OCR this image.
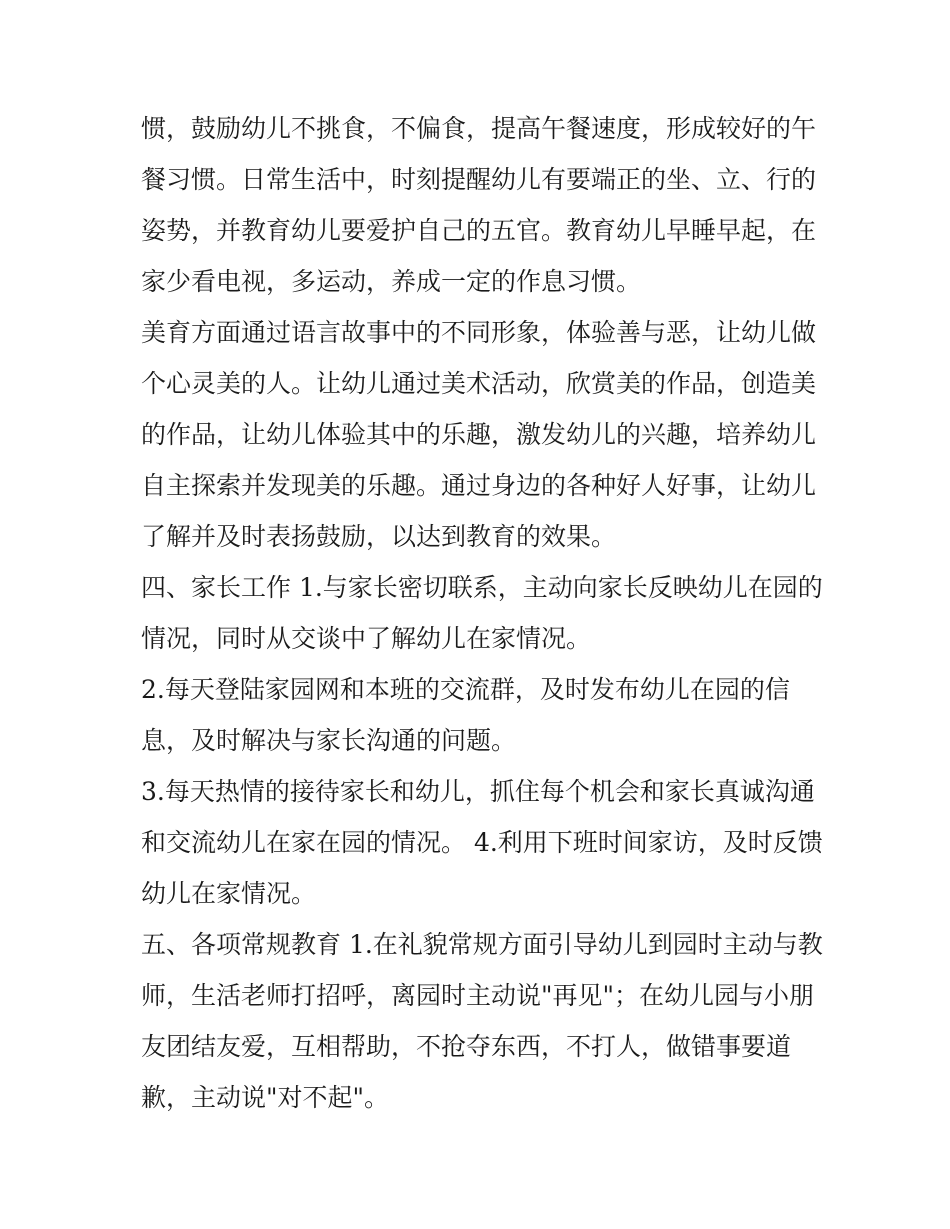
惯，鼓励幼儿不挑食，不偏食，提高午餐速度，形成较好的午
餐习惯。日常生活中，时刻提醒幼儿有要端正的坐、立、行的
姿势，并教育幼儿要爱护自己的五官。教育幼儿早睡早起，在
家少看电视，多运动，养成一定的作息习惯。
美育方面通过语言故事中的不同形象，体验善与恶，让幼儿做
个心灵美的人。让幼儿通过美术活动，欣赏美的作品，创造美
的作品，让幼儿体验其中的乐趣，激发幼儿的兴趣，培养幼儿
自主探索并发现美的乐趣。通过身边的各种好人好事，让幼儿
了解并及时表扬鼓励，以达到教育的效果。
四、家长工作 1.与家长密切联系，主动向家长反映幼儿在园的
情况，同时从交谈中了解幼儿在家情况。
2.每天登陆家园网和本班的交流群，及时发布幼儿在园的信
息，及时解决与家长沟通的问题。
3.每天热情的接待家长和幼儿，抓住每个机会和家长真诚沟通
和交流幼儿在家在园的情况。 4.利用下班时间家访，及时反馈
幼儿在家情况。
五、各项常规教育 1.在礼貌常规方面引导幼儿到园时主动与教
师，生活老师打招呼，离园时主动说"再见"；在幼儿园与小朋
友团结友爱，互相帮助，不抢夺东西，不打人，做错事要道
歉，主动说"对不起"。
